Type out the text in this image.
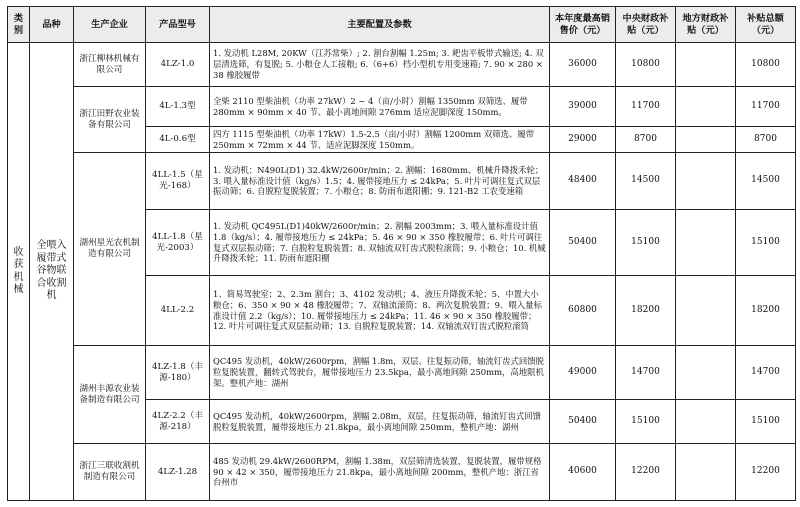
类别	品种	生产企业	产品型号	主要配置及参数	本年度最高销售价（元）	中央财政补贴（元）	地方财政补贴（元）	补贴总额（元）

收获机械	全喂入履带式谷物联合收割机	浙江柳林机械有限公司	4LZ-1.0	1. 发动机 L28M, 20KW（江苏常柴）; 2. 割台割幅 1.25m; 3. 耙齿平板带式输送; 4. 双层清选筛，有复脱; 5. 小粮仓人工接粮; 6.（6+6）档小型机专用变速箱; 7. 90 × 280 × 38 橡胶履带	36000	10800		10800
		浙江田野农业装备有限公司	4L-1.3型	全柴 2110 型柴油机（功率 27kW）2 ~ 4（亩/小时）割幅 1350mm 双筛选、履带 280mm × 90mm × 40 节、最小离地间隙 276mm 适应泥脚深度 150mm。	39000	11700		11700
			4L-0.6型	四方 1115 型柴油机（功率 17kW）1.5-2.5（亩/小时）割幅 1200mm 双筛选、履带 250mm × 72mm × 44 节、适应泥脚深度 150mm。	29000	8700		8700
		湖州星光农机制造有限公司	4LL-1.5（星光-168）	1. 发动机：N490L(D1) 32.4kW/2600r/min；2. 割幅：1680mm、机械升降拨禾轮；3. 喂入量标准设计值（kg/s）1.5；4. 履带接地压力 ≤ 24kPa；5. 叶片可调往复式双层振动筛；6. 自脱粒复脱装置；7. 小粮仓；8. 防雨布遮阳棚；9. 121-B2 工农变速箱	48400	14500		14500
			4LL-1.8（星光-2003）	1. 发动机 QC495L(D1)40kW/2600r/min；2. 割幅 2003mm；3. 喂入量标准设计值 1.8（kg/s）；4. 履带接地压力 ≤ 24kPa；5. 46 × 90 × 350 橡胶履带；6. 叶片可调往复式双层振动筛；7. 自脱粒复脱装置；8. 双轴流双钉齿式脱粒滚筒；9. 小粮仓；10. 机械升降拨禾轮；11. 防雨布遮阳棚	50400	15100		15100
			4LL-2.2	1、简易驾驶室；2、2.3m 割台；3、4102 发动机；4、液压升降拨禾轮；5、中置大小粮仓；6、350 × 90 × 48 橡胶履带；7、双轴流滚筒；8、两次复脱装置；9、喂入量标准设计值 2.2（kg/s）；10. 履带接地压力 ≤ 24kPa；11. 46 × 90 × 350 橡胶履带；12. 叶片可调往复式双层振动筛；13. 自脱粒复脱装置；14. 双轴流双钉齿式脱粒滚筒	60800	18200		18200
		湖州丰源农业装备制造有限公司	4LZ-1.8（丰源-180）	QC495 发动机，40kW/2600rpm，割幅 1.8m，双层、往复振动筛，轴流钉齿式回馈脱粒复脱装置，翻转式驾驶台，履带接地压力 23.5kpa，最小离地间隙 250mm，高地限机架。整机产地：湖州	49000	14700		14700
			4LZ-2.2（丰源-218）	QC495 发动机，40kW/2600rpm，割幅 2.08m，双层，往复振动筛，轴流钉齿式回馈脱粒复脱装置，履带接地压力 21.8kpa，最小离地间隙 250mm，整机产地：湖州	50400	15100		15100
		浙江三联收割机制造有限公司	4LZ-1.28	485 发动机 29.4kW/2600RPM，割幅 1.38m，双层筛清选装置，复脱装置，履带规格 90 × 42 × 350，履带接地压力 21.8kpa，最小离地间隙 200mm，整机产地：浙江省台州市	40600	12200		12200
